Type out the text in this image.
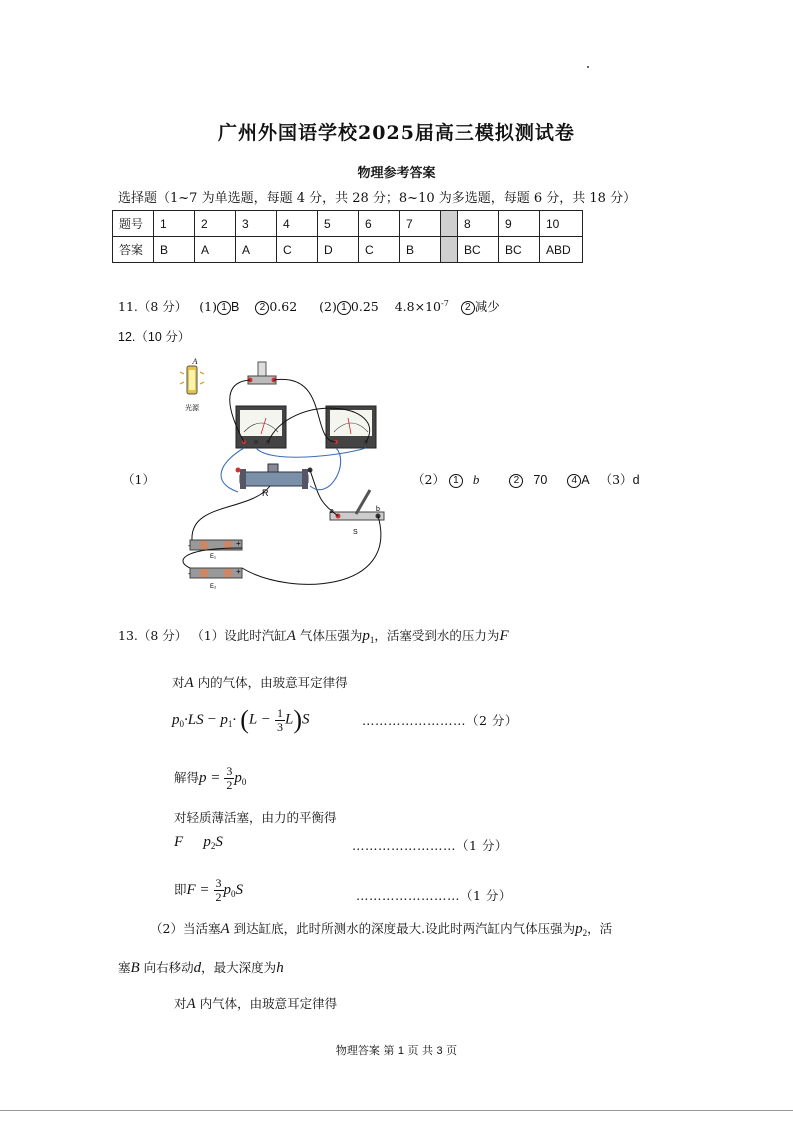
广州外国语学校2025届高三模拟测试卷
物理参考答案
选择题（1~7 为单选题，每题 4 分，共 28 分；8~10 为多选题，每题 6 分，共 18 分）
题号	1	2	3	4	5	6	7		8	9	10
答案	B	A	A	C	D	C	B		BC	BC	ABD
11.（8 分） (1) 1 B 2 0.62 (2) 1 0.25 $4.8\times 10^{-7}$ 2 减少
12.（10 分）
（1）
A
光源
R
a	b
S
-	+
E₁
-	+
E₂
（2） 1 b	2 70 4 A （3）d
13.（8 分） （1）设此时汽缸A 气体压强为$p_1$，活塞受到水的压力为F
对A 内的气体，由玻意耳定律得
$p_0\cdot LS - p_1\cdot (L - \frac{1}{3} L)S$	……………………（2 分）
解得$p = \frac{3}{2} p_0$
对轻质薄活塞，由力的平衡得
F $p_2S$	……………………（1 分）
即$F = \frac{3}{2} p_0S$	……………………（1 分）
（2）当活塞A 到达缸底，此时所测水的深度最大.设此时两汽缸内气体压强为$p_2$，活
塞B 向右移动d，最大深度为h
对A 内气体，由玻意耳定律得
物理答案 第 1 页 共 3 页
